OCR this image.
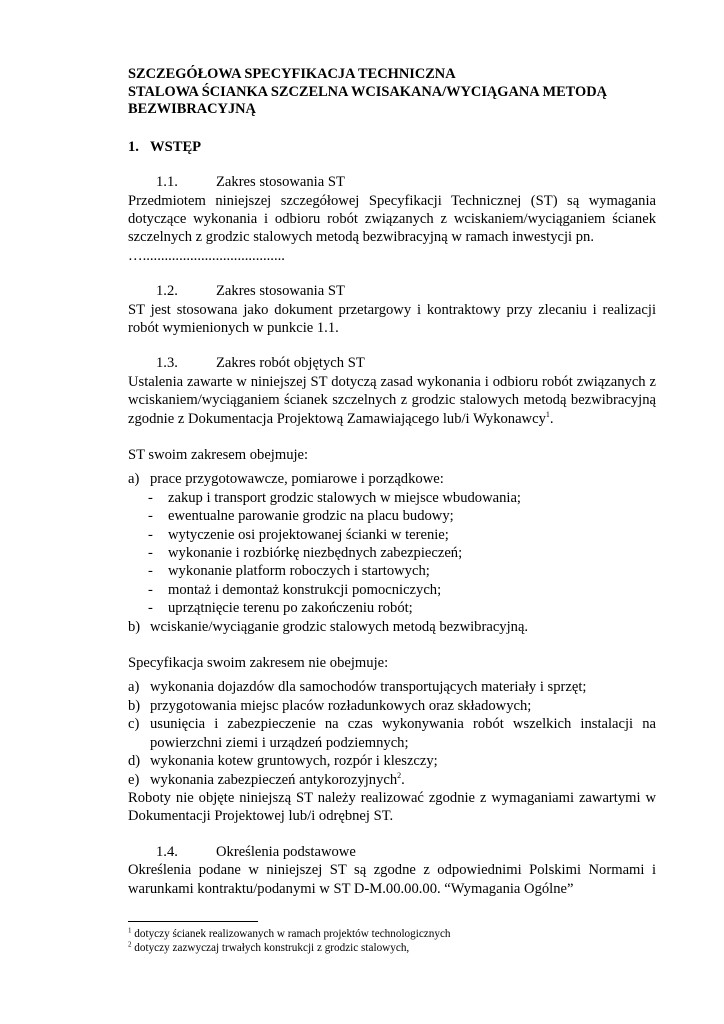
SZCZEGÓŁOWA SPECYFIKACJA TECHNICZNA
STALOWA ŚCIANKA SZCZELNA WCISAKANA/WYCIĄGANA METODĄ
BEZWIBRACYJNĄ

1. WSTĘP
1.1.	Zakres stosowania ST

Przedmiotem niniejszej szczegółowej Specyfikacji Technicznej (ST) są wymagania dotyczące wykonania i odbioru robót związanych z wciskaniem/wyciąganiem ścianek szczelnych z grodzic stalowych metodą bezwibracyjną w ramach inwestycji pn.

….......................................

1.2.	Zakres stosowania ST

ST jest stosowana jako dokument przetargowy i kontraktowy przy zlecaniu i realizacji robót wymienionych w punkcie 1.1.

1.3.	Zakres robót objętych ST

Ustalenia zawarte w niniejszej ST dotyczą zasad wykonania i odbioru robót związanych z wciskaniem/wyciąganiem ścianek szczelnych z grodzic stalowych metodą bezwibracyjną zgodnie z Dokumentacja Projektową Zamawiającego lub/i Wykonawcy$^1$.

ST swoim zakresem obejmuje:

a) prace przygotowawcze, pomiarowe i porządkowe:
-	zakup i transport grodzic stalowych w miejsce wbudowania;
-	ewentualne parowanie grodzic na placu budowy;
-	wytyczenie osi projektowanej ścianki w terenie;
-	wykonanie i rozbiórkę niezbędnych zabezpieczeń;
-	wykonanie platform roboczych i startowych;
-	montaż i demontaż konstrukcji pomocniczych;
-	uprzątnięcie terenu po zakończeniu robót;
b) wciskanie/wyciąganie grodzic stalowych metodą bezwibracyjną.

Specyfikacja swoim zakresem nie obejmuje:

a) wykonania dojazdów dla samochodów transportujących materiały i sprzęt;
b) przygotowania miejsc placów rozładunkowych oraz składowych;
c) usunięcia i zabezpieczenie na czas wykonywania robót wszelkich instalacji na powierzchni ziemi i urządzeń podziemnych;
d) wykonania kotew gruntowych, rozpór i kleszczy;
e) wykonania zabezpieczeń antykorozyjnych$^2$.

Roboty nie objęte niniejszą ST należy realizować zgodnie z wymaganiami zawartymi w Dokumentacji Projektowej lub/i odrębnej ST.

1.4.	Określenia podstawowe

Określenia podane w niniejszej ST są zgodne z odpowiednimi Polskimi Normami i warunkami kontraktu/podanymi w ST D-M.00.00.00. “Wymagania Ogólne”

$^1$ dotyczy ścianek realizowanych w ramach projektów technologicznych
$^2$ dotyczy zazwyczaj trwałych konstrukcji z grodzic stalowych,
